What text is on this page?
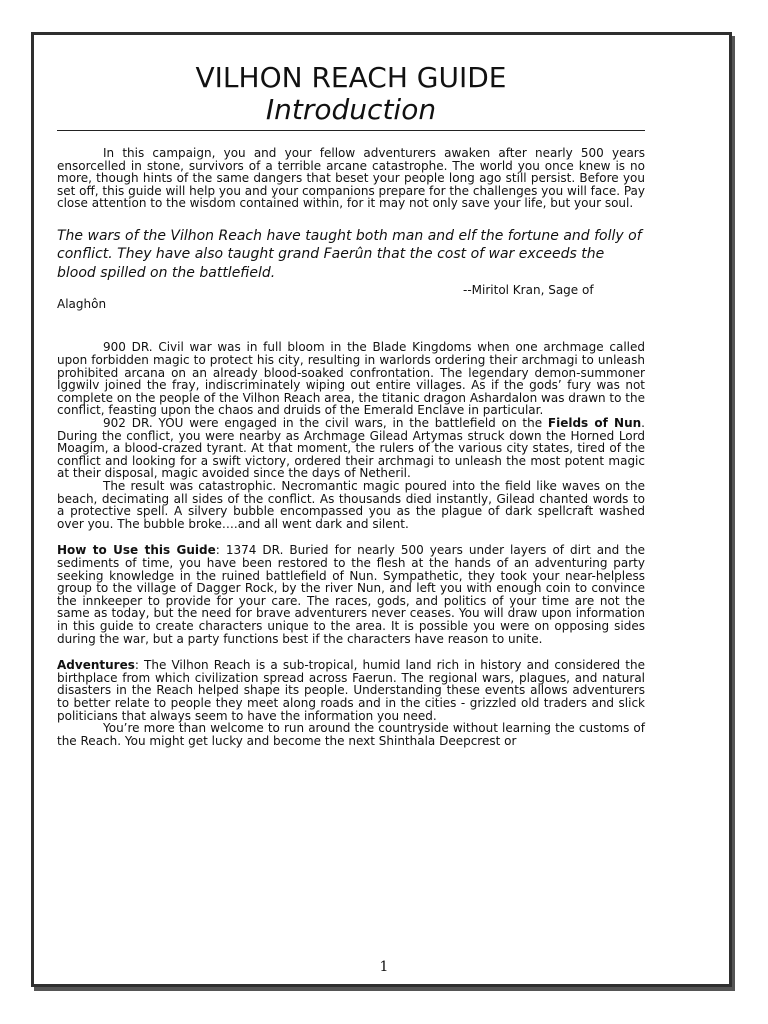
VILHON REACH GUIDE
Introduction

In this campaign, you and your fellow adventurers awaken after nearly 500 years ensorcelled in stone, survivors of a terrible arcane catastrophe. The world you once knew is no more, though hints of the same dangers that beset your people long ago still persist. Before you set off, this guide will help you and your companions prepare for the challenges you will face. Pay close attention to the wisdom contained within, for it may not only save your life, but your soul.

The wars of the Vilhon Reach have taught both man and elf the fortune and folly of conflict. They have also taught grand Faerûn that the cost of war exceeds the blood spilled on the battlefield.

--Miritol Kran, Sage of
Alaghôn

900 DR. Civil war was in full bloom in the Blade Kingdoms when one archmage called upon forbidden magic to protect his city, resulting in warlords ordering their archmagi to unleash prohibited arcana on an already blood-soaked confrontation. The legendary demon-summoner Iggwilv joined the fray, indiscriminately wiping out entire villages. As if the gods’ fury was not complete on the people of the Vilhon Reach area, the titanic dragon Ashardalon was drawn to the conflict, feasting upon the chaos and druids of the Emerald Enclave in particular.

902 DR. YOU were engaged in the civil wars, in the battlefield on the Fields of Nun. During the conflict, you were nearby as Archmage Gilead Artymas struck down the Horned Lord Moagim, a blood-crazed tyrant. At that moment, the rulers of the various city states, tired of the conflict and looking for a swift victory, ordered their archmagi to unleash the most potent magic at their disposal, magic avoided since the days of Netheril.

The result was catastrophic. Necromantic magic poured into the field like waves on the beach, decimating all sides of the conflict. As thousands died instantly, Gilead chanted words to a protective spell. A silvery bubble encompassed you as the plague of dark spellcraft washed over you. The bubble broke….and all went dark and silent.

How to Use this Guide: 1374 DR. Buried for nearly 500 years under layers of dirt and the sediments of time, you have been restored to the flesh at the hands of an adventuring party seeking knowledge in the ruined battlefield of Nun. Sympathetic, they took your near-helpless group to the village of Dagger Rock, by the river Nun, and left you with enough coin to convince the innkeeper to provide for your care. The races, gods, and politics of your time are not the same as today, but the need for brave adventurers never ceases. You will draw upon information in this guide to create characters unique to the area. It is possible you were on opposing sides during the war, but a party functions best if the characters have reason to unite.

Adventures: The Vilhon Reach is a sub-tropical, humid land rich in history and considered the birthplace from which civilization spread across Faerun. The regional wars, plagues, and natural disasters in the Reach helped shape its people. Understanding these events allows adventurers to better relate to people they meet along roads and in the cities - grizzled old traders and slick politicians that always seem to have the information you need.

You’re more than welcome to run around the countryside without learning the customs of the Reach. You might get lucky and become the next Shinthala Deepcrest or

1
